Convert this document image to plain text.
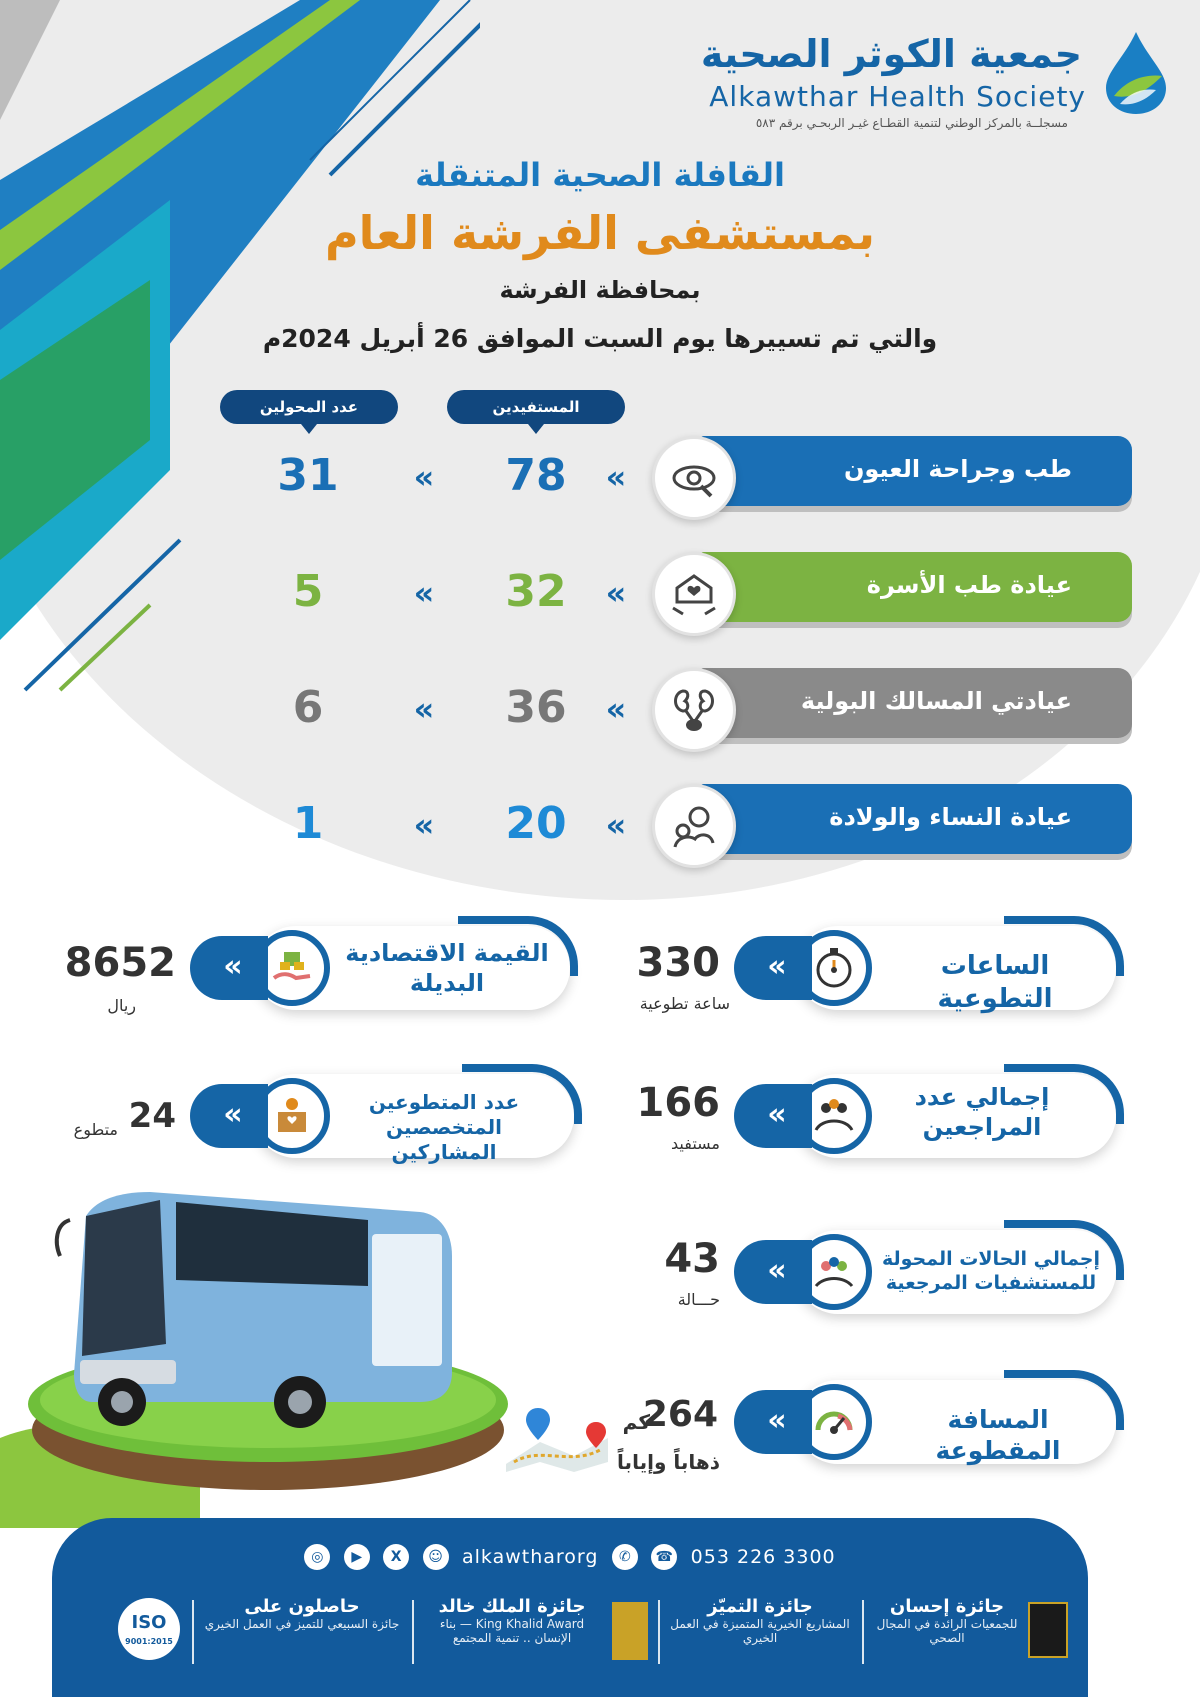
جمعية الكوثر الصحية
Alkawthar Health Society
مسجلــة بالمركز الوطني لتنمية القطـاع غيـر الربحـي برقم ٥٨٣
القافلة الصحية المتنقلة
بمستشفى الفرشة العام
بمحافظة الفرشة
والتي تم تسييرها يوم السبت الموافق 26 أبريل 2024م
المستفيدين
عدد المحولين
طب وجراحة العيون
«
78
«
31
عيادة طب الأسرة
«
32
«
5
عيادتي المسالك البولية
«
36
«
6
عيادة النساء والولادة
«
20
«
1
الساعات التطوعية
«
330
ساعة تطوعية
القيمة الاقتصادية البديلة
«
8652
ريال
إجمالي عدد المراجعين
«
166
مستفيد
عدد المتطوعين المتخصصين المشاركين
«
24
متطوع
إجمالي الحالات المحولة للمستشفيات المرجعية
«
43
حـــالة
المسافة المقطوعة
«
264
كم
ذهاباً وإياباً
◎ ▶ X ☺ alkawtharorg ✆ ☎ 053 226 3300
جائزة إحسان
للجمعيات الرائدة في المجال الصحي
جائزة التميّز
المشاريع الخيرية المتميزة في العمل الخيري
جائزة الملك خالد
King Khalid Award — بناء الإنسان .. تنمية المجتمع
حاصلون على
جائزة السبيعي للتميز في العمل الخيري
ISO
9001:2015
